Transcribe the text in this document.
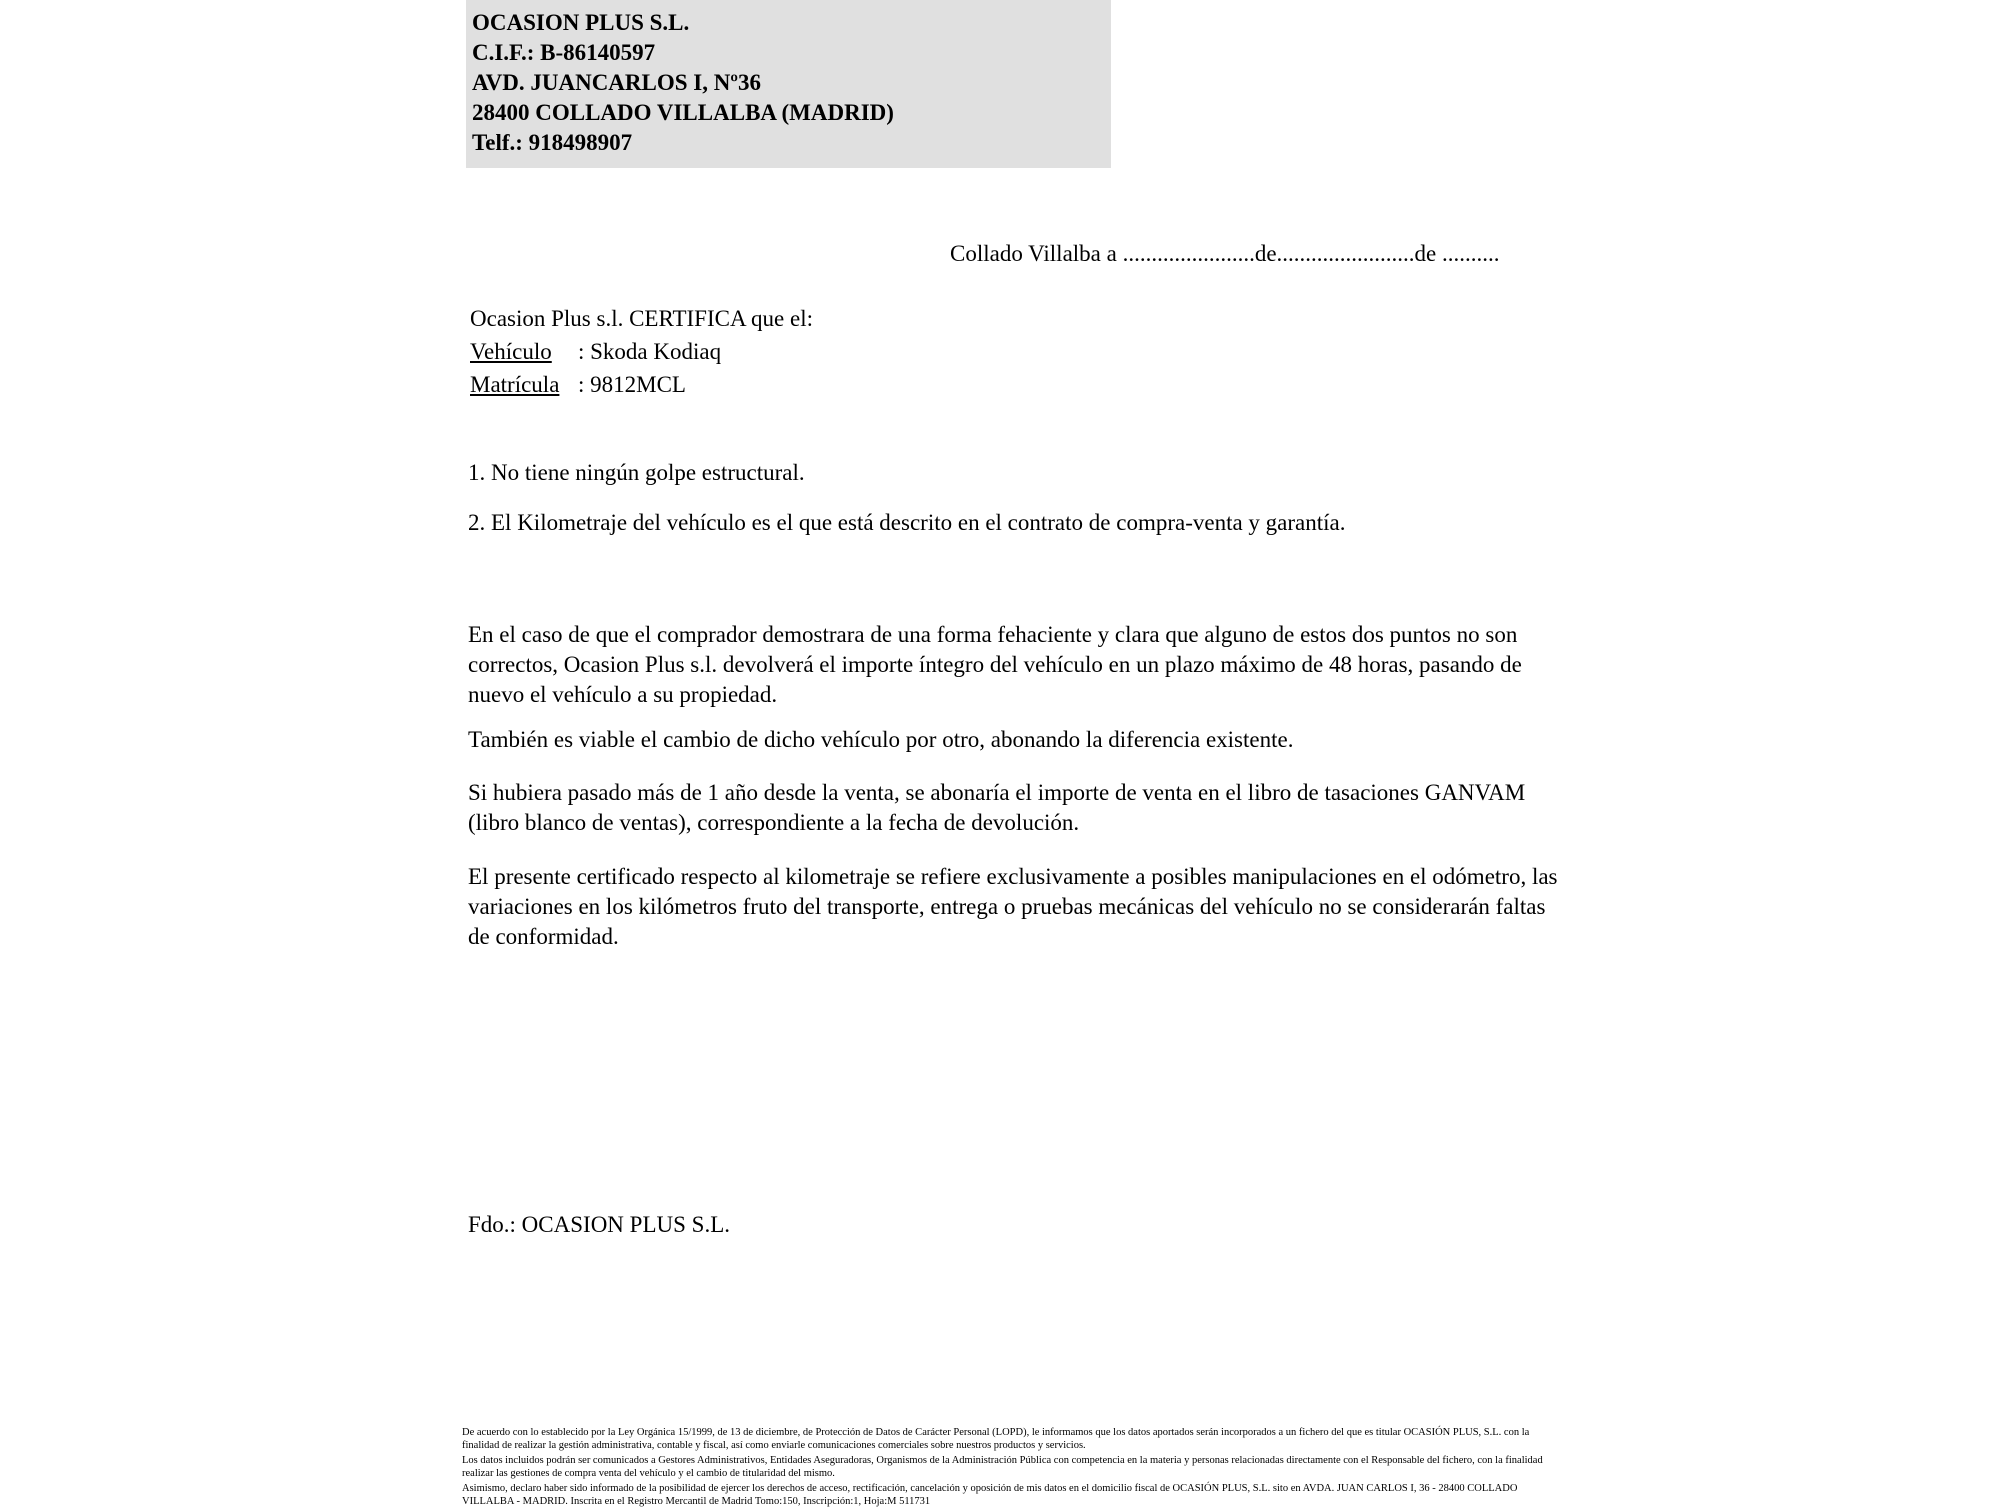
OCASION PLUS S.L.
C.I.F.: B-86140597
AVD. JUANCARLOS I, Nº36
28400 COLLADO VILLALBA (MADRID)
Telf.: 918498907
Collado Villalba a .......................de........................de ..........
Ocasion Plus s.l. CERTIFICA que el:
Vehículo : Skoda Kodiaq
Matrícula : 9812MCL
1. No tiene ningún golpe estructural.
2. El Kilometraje del vehículo es el que está descrito en el contrato de compra-venta y garantía.
En el caso de que el comprador demostrara de una forma fehaciente y clara que alguno de estos dos puntos no son correctos, Ocasion Plus s.l. devolverá el importe íntegro del vehículo en un plazo máximo de 48 horas, pasando de nuevo el vehículo a su propiedad.
También es viable el cambio de dicho vehículo por otro, abonando la diferencia existente.
Si hubiera pasado más de 1 año desde la venta, se abonaría el importe de venta en el libro de tasaciones GANVAM (libro blanco de ventas), correspondiente a la fecha de devolución.
El presente certificado respecto al kilometraje se refiere exclusivamente a posibles manipulaciones en el odómetro, las variaciones en los kilómetros fruto del transporte, entrega o pruebas mecánicas del vehículo no se considerarán faltas de conformidad.
Fdo.: OCASION PLUS S.L.

De acuerdo con lo establecido por la Ley Orgánica 15/1999, de 13 de diciembre, de Protección de Datos de Carácter Personal (LOPD), le informamos que los datos aportados serán incorporados a un fichero del que es titular OCASIÓN PLUS, S.L. con la finalidad de realizar la gestión administrativa, contable y fiscal, así como enviarle comunicaciones comerciales sobre nuestros productos y servicios.

Los datos incluidos podrán ser comunicados a Gestores Administrativos, Entidades Aseguradoras, Organismos de la Administración Pública con competencia en la materia y personas relacionadas directamente con el Responsable del fichero, con la finalidad realizar las gestiones de compra venta del vehículo y el cambio de titularidad del mismo.

Asimismo, declaro haber sido informado de la posibilidad de ejercer los derechos de acceso, rectificación, cancelación y oposición de mis datos en el domicilio fiscal de OCASIÓN PLUS, S.L. sito en AVDA. JUAN CARLOS I, 36 - 28400 COLLADO VILLALBA - MADRID. Inscrita en el Registro Mercantil de Madrid Tomo:150, Inscripción:1, Hoja:M 511731
